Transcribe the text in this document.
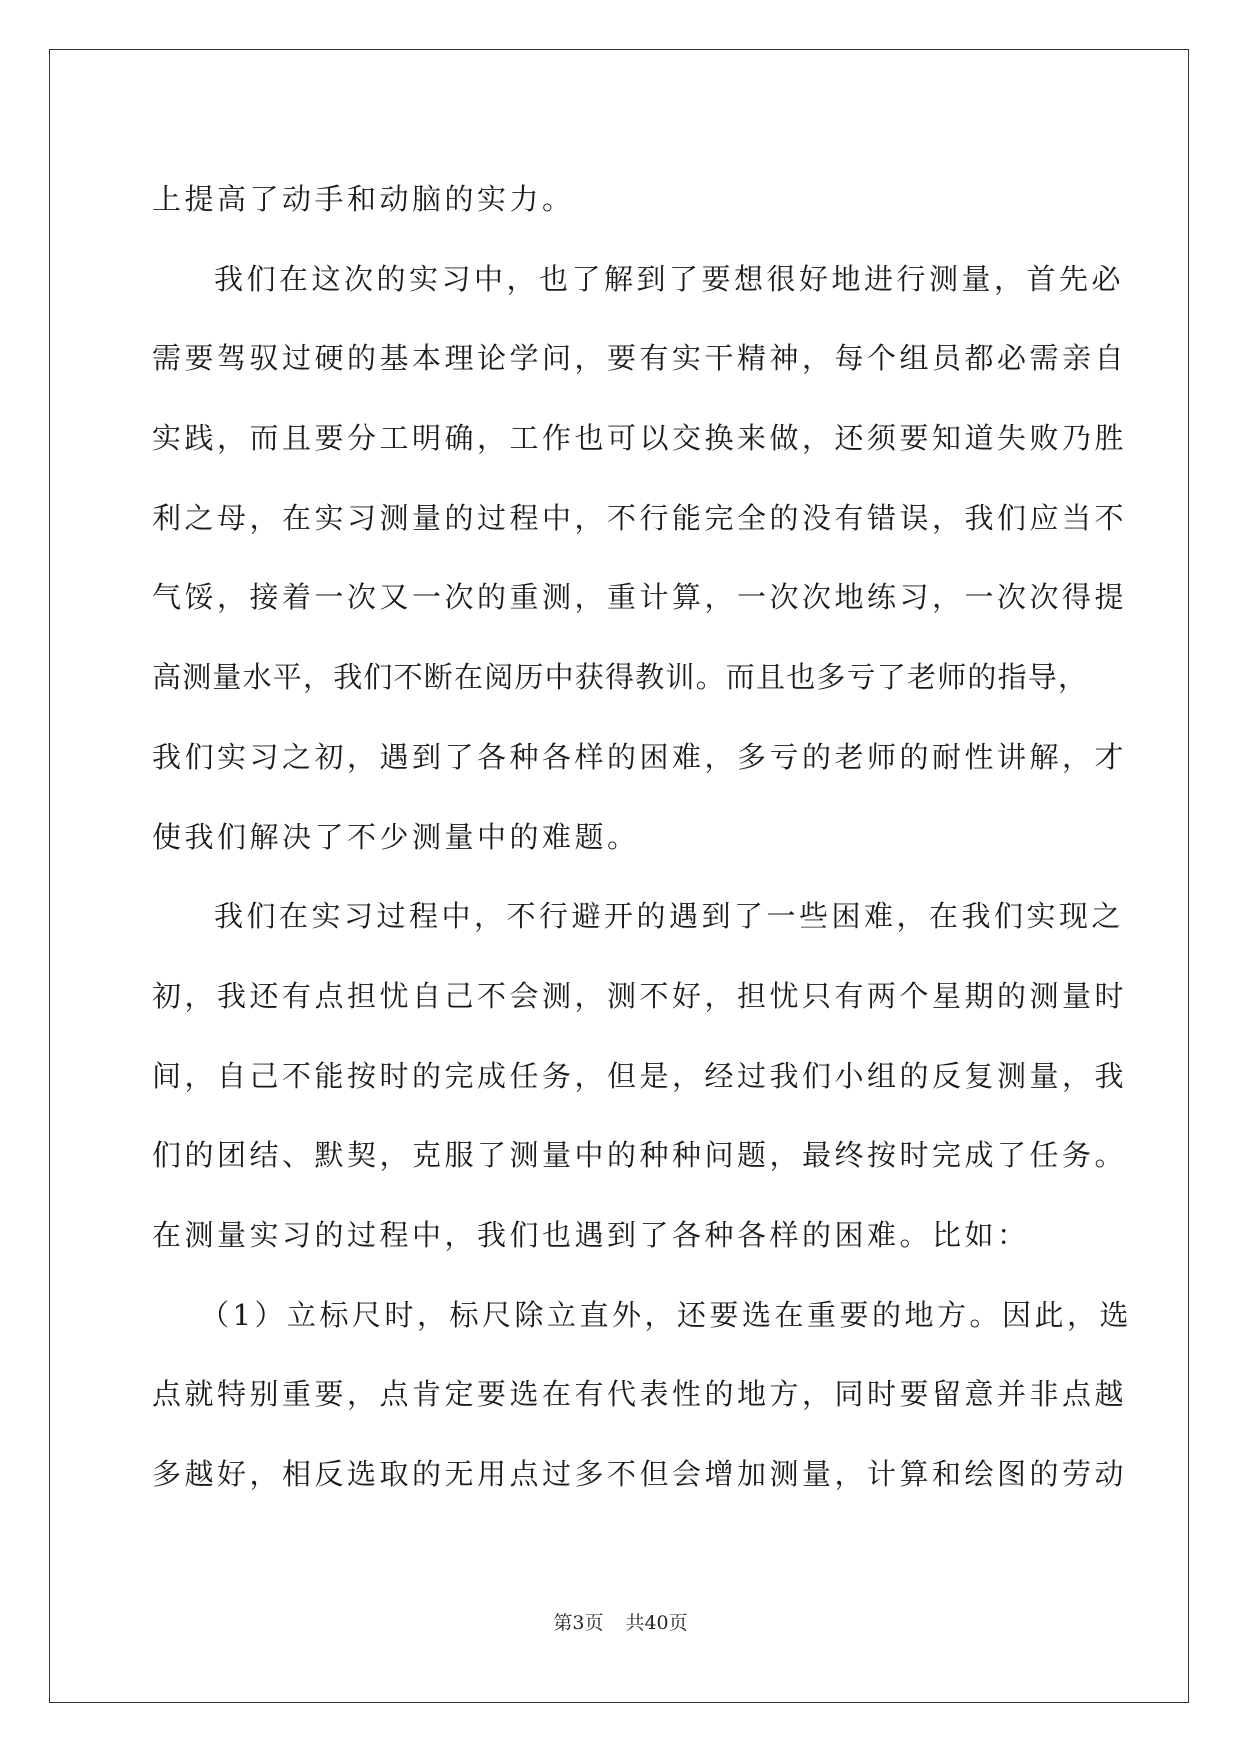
上提高了动手和动脑的实力。
我们在这次的实习中，也了解到了要想很好地进行测量，首先必
需要驾驭过硬的基本理论学问，要有实干精神，每个组员都必需亲自
实践，而且要分工明确，工作也可以交换来做，还须要知道失败乃胜
利之母，在实习测量的过程中，不行能完全的没有错误，我们应当不
气馁，接着一次又一次的重测，重计算，一次次地练习，一次次得提
高测量水平，我们不断在阅历中获得教训。而且也多亏了老师的指导，
我们实习之初，遇到了各种各样的困难，多亏的老师的耐性讲解，才
使我们解决了不少测量中的难题。
我们在实习过程中，不行避开的遇到了一些困难，在我们实现之
初，我还有点担忧自己不会测，测不好，担忧只有两个星期的测量时
间，自己不能按时的完成任务，但是，经过我们小组的反复测量，我
们的团结、默契，克服了测量中的种种问题，最终按时完成了任务。
在测量实习的过程中，我们也遇到了各种各样的困难。比如：
（1）立标尺时，标尺除立直外，还要选在重要的地方。因此，选
点就特别重要，点肯定要选在有代表性的地方，同时要留意并非点越
多越好，相反选取的无用点过多不但会增加测量，计算和绘图的劳动
第3页 共40页
